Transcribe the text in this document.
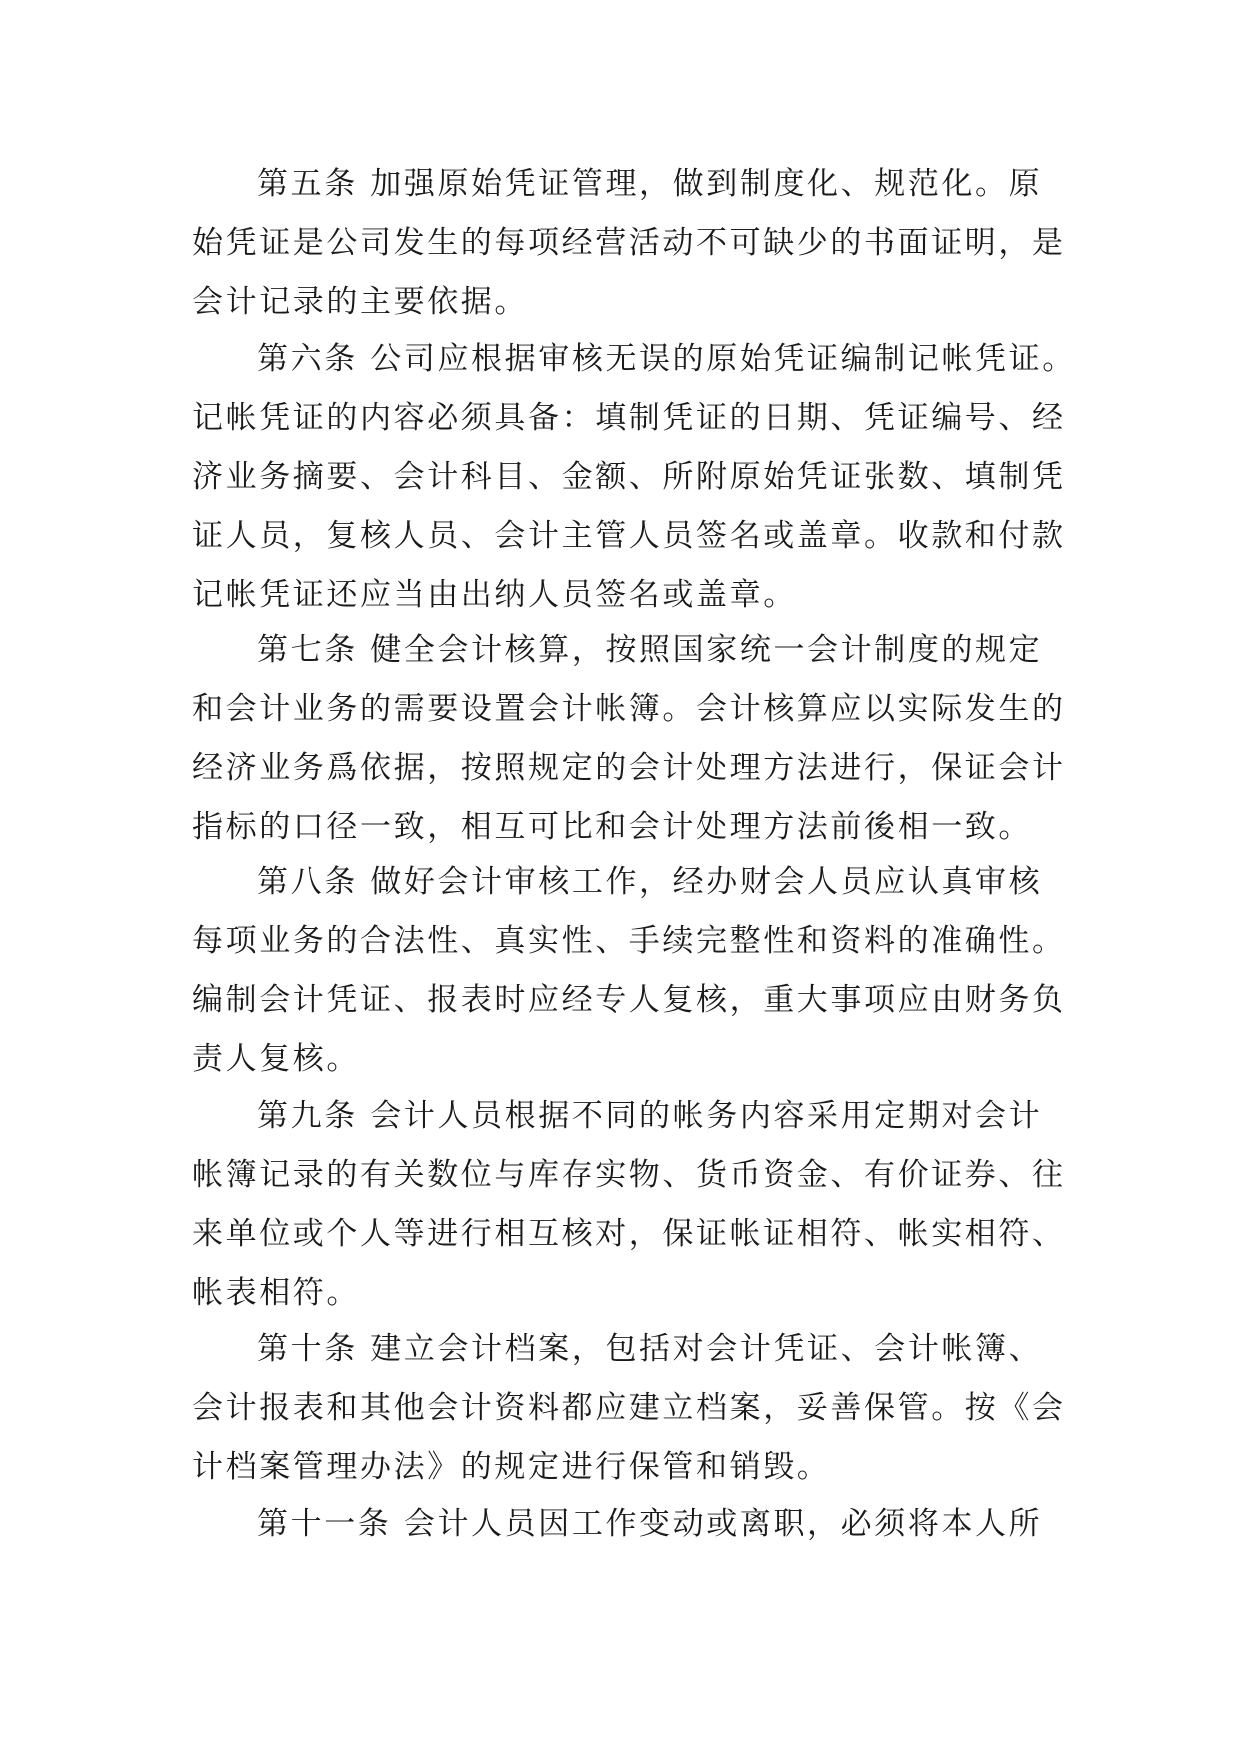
第五条 加强原始凭证管理，做到制度化、规范化。原
始凭证是公司发生的每项经营活动不可缺少的书面证明，是
会计记录的主要依据。
第六条 公司应根据审核无误的原始凭证编制记帐凭证。
记帐凭证的内容必须具备：填制凭证的日期、凭证编号、经
济业务摘要、会计科目、金额、所附原始凭证张数、填制凭
证人员，复核人员、会计主管人员签名或盖章。收款和付款
记帐凭证还应当由出纳人员签名或盖章。
第七条 健全会计核算，按照国家统一会计制度的规定
和会计业务的需要设置会计帐簿。会计核算应以实际发生的
经济业务爲依据，按照规定的会计处理方法进行，保证会计
指标的口径一致，相互可比和会计处理方法前後相一致。
第八条 做好会计审核工作，经办财会人员应认真审核
每项业务的合法性、真实性、手续完整性和资料的准确性。
编制会计凭证、报表时应经专人复核，重大事项应由财务负
责人复核。
第九条 会计人员根据不同的帐务内容采用定期对会计
帐簿记录的有关数位与库存实物、货币资金、有价证券、往
来单位或个人等进行相互核对，保证帐证相符、帐实相符、
帐表相符。
第十条 建立会计档案，包括对会计凭证、会计帐簿、
会计报表和其他会计资料都应建立档案，妥善保管。按《会
计档案管理办法》的规定进行保管和销毁。
第十一条 会计人员因工作变动或离职，必须将本人所
